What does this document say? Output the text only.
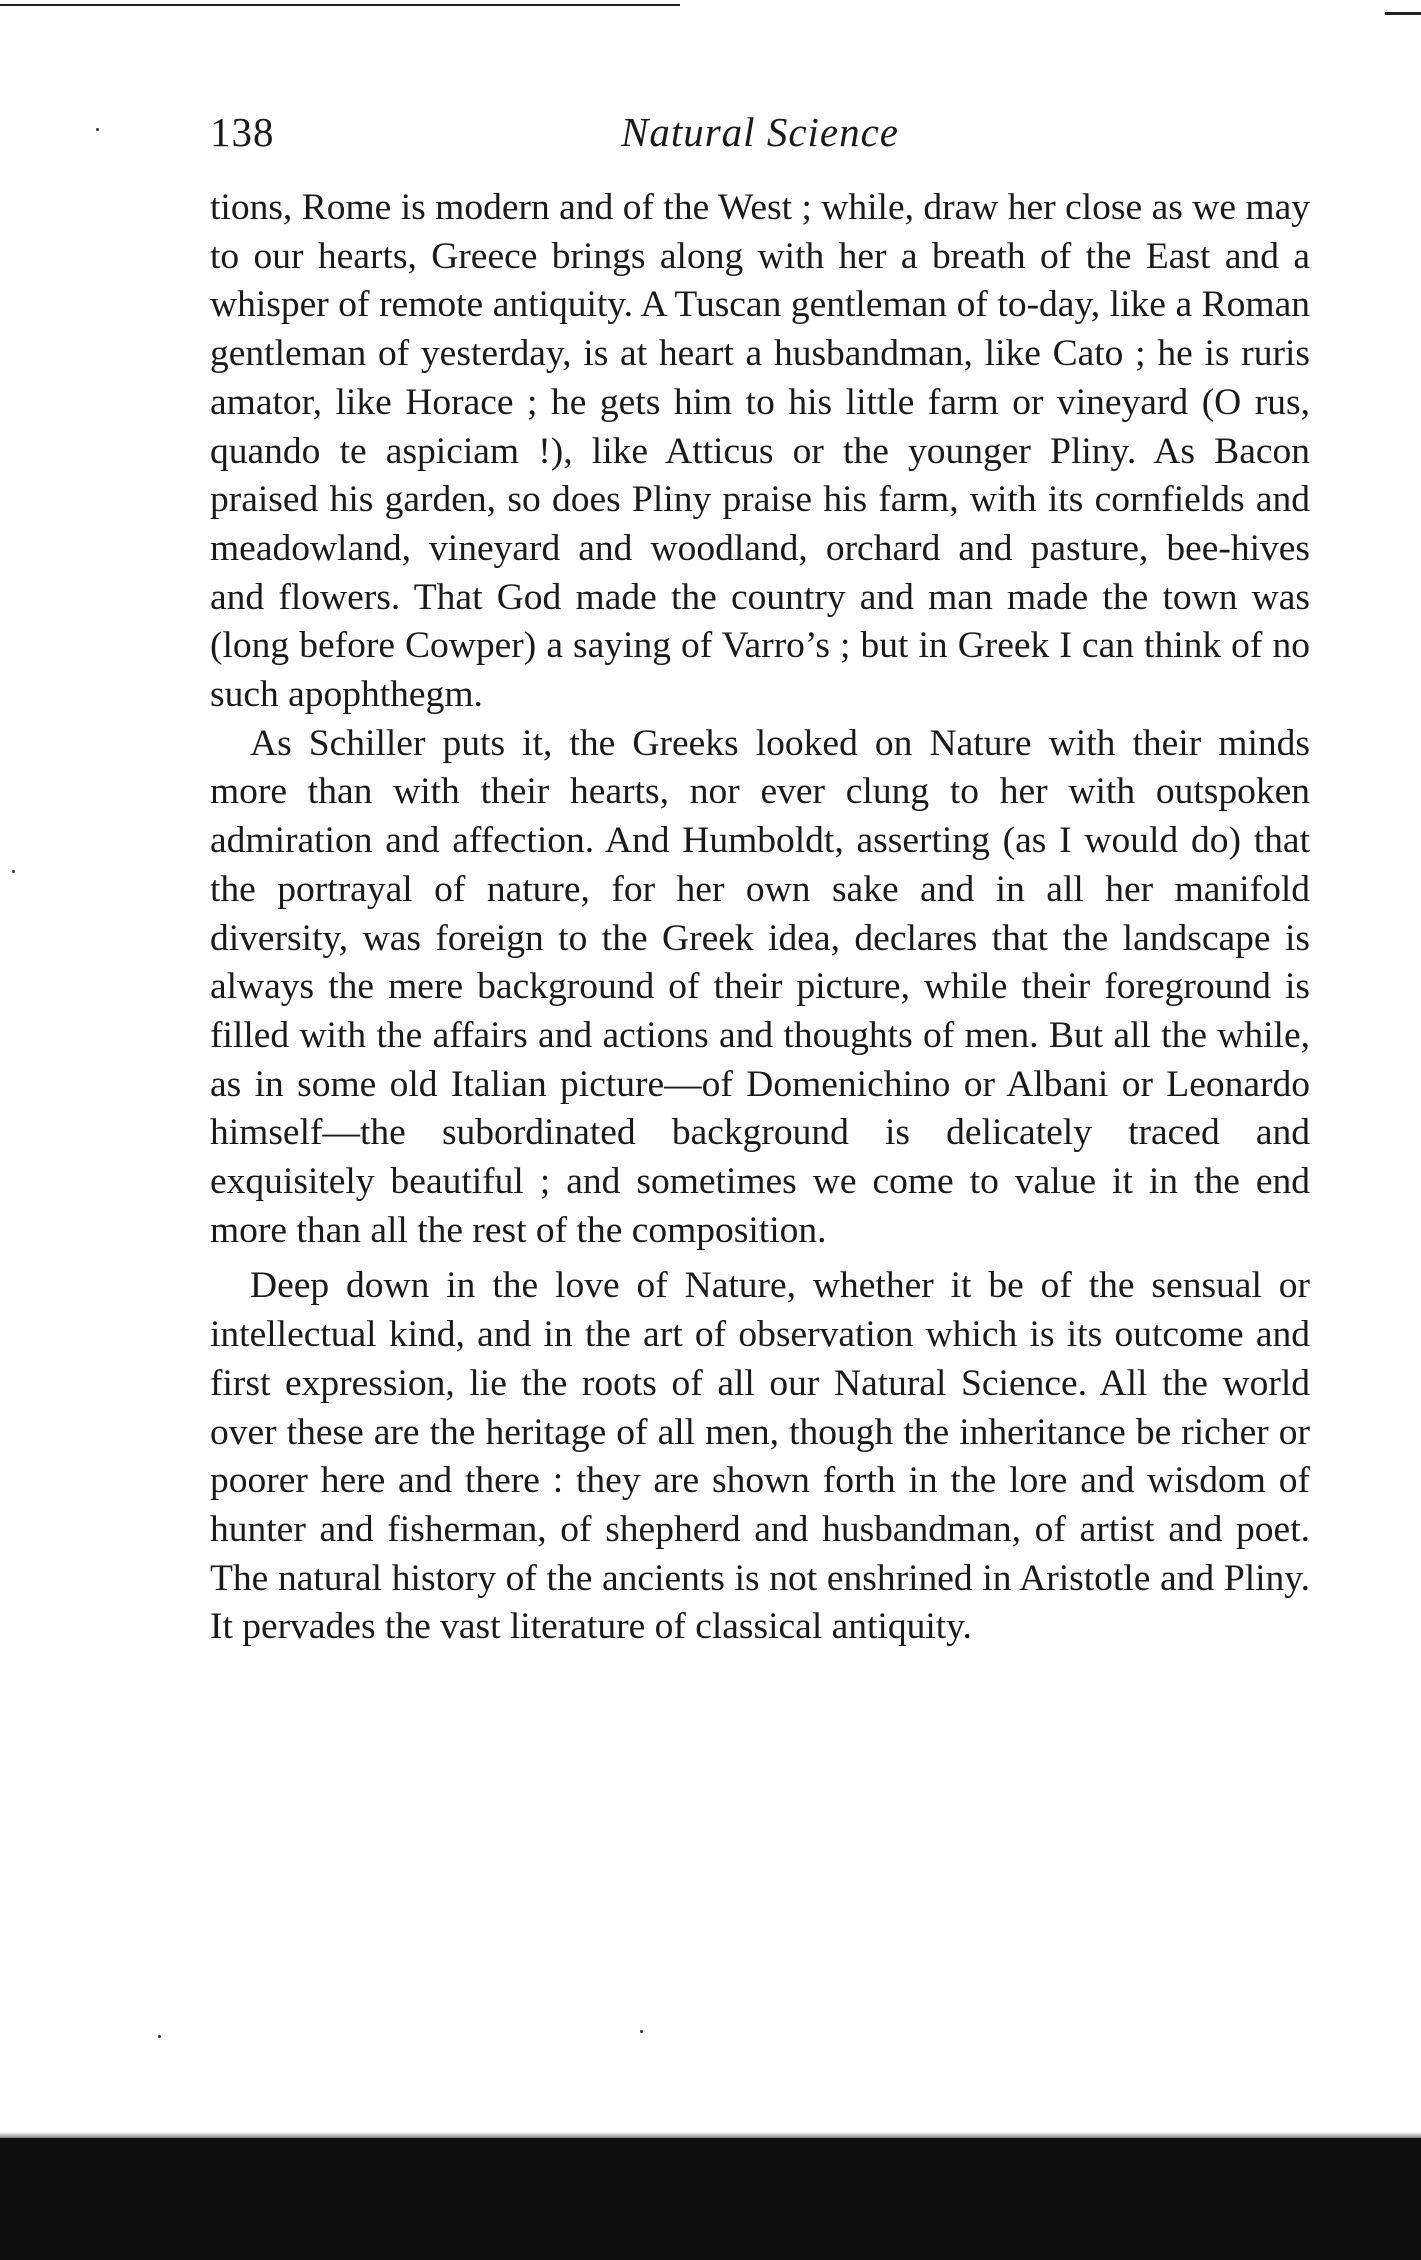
138	Natural Science

tions, Rome is modern and of the West ; while, draw her close as we may to our hearts, Greece brings along with her a breath of the East and a whisper of remote antiquity. A Tuscan gentleman of to-day, like a Roman gentleman of yesterday, is at heart a husbandman, like Cato ; he is ruris amator, like Horace ; he gets him to his little farm or vineyard (O rus, quando te aspiciam !), like Atticus or the younger Pliny. As Bacon praised his garden, so does Pliny praise his farm, with its cornfields and meadowland, vineyard and woodland, orchard and pasture, bee-hives and flowers. That God made the country and man made the town was (long before Cowper) a saying of Varro’s ; but in Greek I can think of no such apophthegm.

As Schiller puts it, the Greeks looked on Nature with their minds more than with their hearts, nor ever clung to her with outspoken admiration and affection. And Humboldt, asserting (as I would do) that the portrayal of nature, for her own sake and in all her manifold diversity, was foreign to the Greek idea, declares that the landscape is always the mere background of their picture, while their foreground is filled with the affairs and actions and thoughts of men. But all the while, as in some old Italian picture—of Domenichino or Albani or Leonardo himself—the subordinated background is delicately traced and exquisitely beautiful ; and sometimes we come to value it in the end more than all the rest of the composition.

Deep down in the love of Nature, whether it be of the sensual or intellectual kind, and in the art of observation which is its outcome and first expression, lie the roots of all our Natural Science. All the world over these are the heritage of all men, though the inheritance be richer or poorer here and there : they are shown forth in the lore and wisdom of hunter and fisherman, of shepherd and husbandman, of artist and poet. The natural history of the ancients is not enshrined in Aristotle and Pliny. It pervades the vast literature of classical antiquity.
